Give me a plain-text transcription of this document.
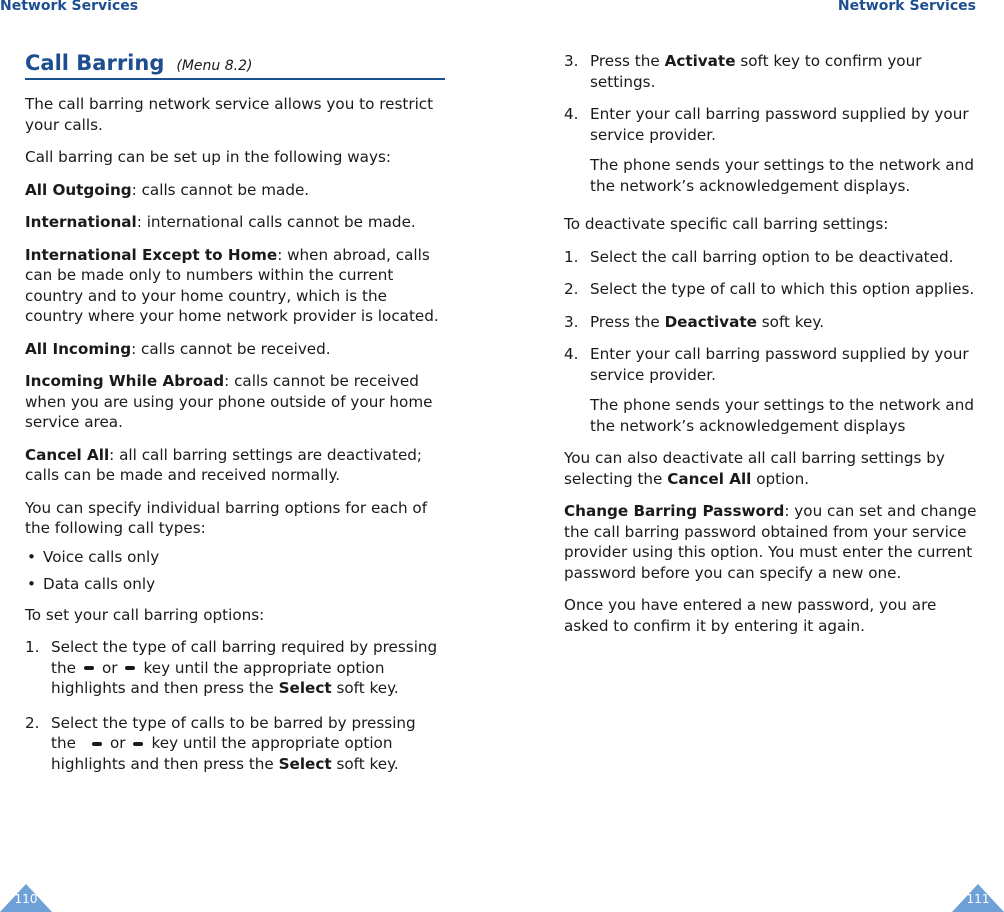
Network Services
Call Barring (Menu 8.2)

The call barring network service allows you to restrict your calls.

Call barring can be set up in the following ways:

All Outgoing: calls cannot be made.

International: international calls cannot be made.

International Except to Home: when abroad, calls can be made only to numbers within the current country and to your home country, which is the country where your home network provider is located.

All Incoming: calls cannot be received.

Incoming While Abroad: calls cannot be received when you are using your phone outside of your home service area.

Cancel All: all call barring settings are deactivated; calls can be made and received normally.

You can specify individual barring options for each of the following call types:

• Voice calls only
• Data calls only

To set your call barring options:

1. Select the type of call barring required by pressing the or key until the appropriate option highlights and then press the Select soft key.
2. Select the type of calls to be barred by pressing the or key until the appropriate option highlights and then press the Select soft key.
110
Network Services
3. Press the Activate soft key to confirm your settings.
4. Enter your call barring password supplied by your service provider.
The phone sends your settings to the network and the network’s acknowledgement displays.

To deactivate specific call barring settings:

1. Select the call barring option to be deactivated.
2. Select the type of call to which this option applies.
3. Press the Deactivate soft key.
4. Enter your call barring password supplied by your service provider.
The phone sends your settings to the network and the network’s acknowledgement displays

You can also deactivate all call barring settings by selecting the Cancel All option.

Change Barring Password: you can set and change the call barring password obtained from your service provider using this option. You must enter the current password before you can specify a new one.

Once you have entered a new password, you are asked to confirm it by entering it again.

111
